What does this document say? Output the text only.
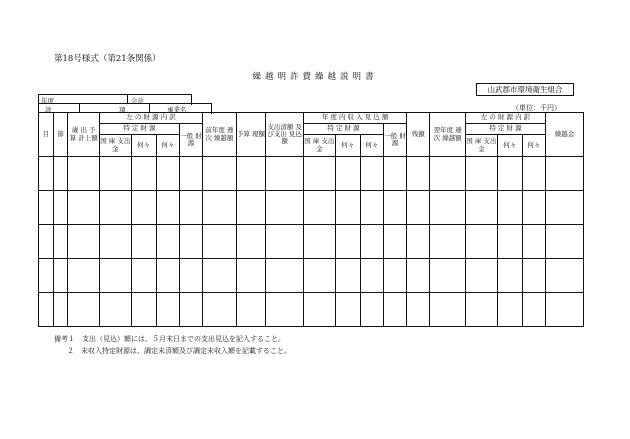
第18号様式（第21条関係）
繰越明許費繰越説明書
山武郡市環境衛生組合
年度	会計
款	項	事業名	（単位：千円）
目	節	歳 出 予 算 計上額	左 の 財 源 内 訳				前年度 逓 次 繰越額	予算 現額	支出済額 及び支出 見込額	年 度 内 収 入 見 込 額				残額	翌年度 逓 次 繰越額	左 の 財 源 内 訳			繰越金
			特 定 財 源			一般 財源				特 定 財 源			一般 財源			特 定 財 源			
			国 庫 支出金	何々	何々					国 庫 支出金	何々	何々				国 庫 支出金	何々	何々	

備考１　支出（見込）額には、５月末日までの支出見込を記入すること。
２　未収入特定財源は、調定未済額及び調定未収入額を記載すること。
